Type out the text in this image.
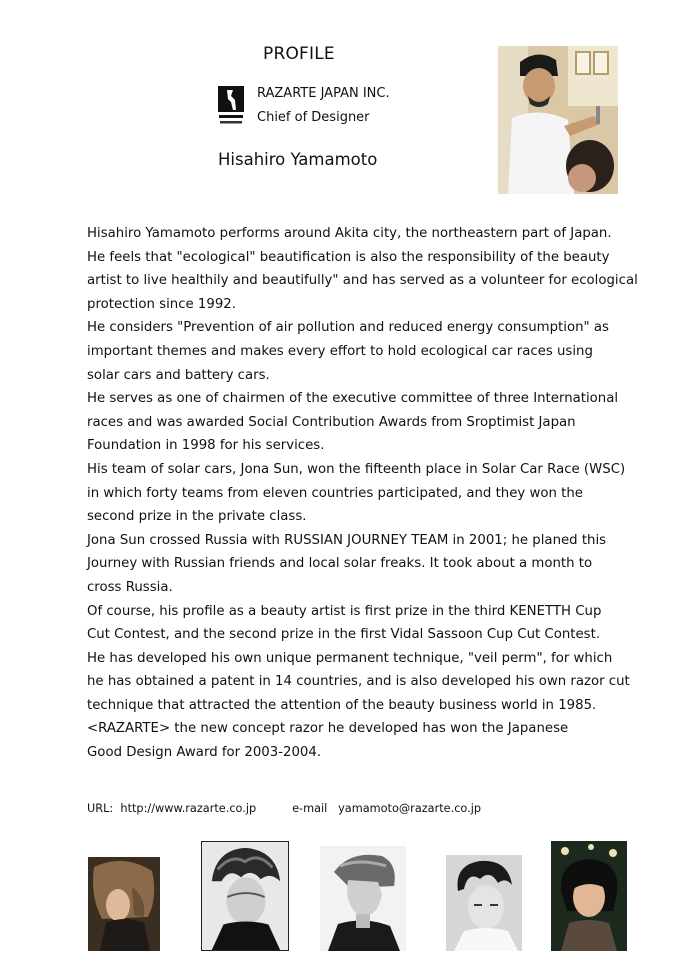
PROFILE
RAZARTE JAPAN INC.
Chief of Designer
Hisahiro Yamamoto
Hisahiro Yamamoto performs around Akita city, the northeastern part of Japan.
He feels that "ecological" beautification is also the responsibility of the beauty
artist to live healthily and beautifully" and has served as a volunteer for ecological
protection since 1992.
He considers "Prevention of air pollution and reduced energy consumption" as
important themes and makes every effort to hold ecological car races using
solar cars and battery cars.
He serves as one of chairmen of the executive committee of three International
races and was awarded Social Contribution Awards from Sroptimist Japan
Foundation in 1998 for his services.
His team of solar cars, Jona Sun, won the fifteenth place in Solar Car Race (WSC)
in which forty teams from eleven countries participated, and they won the
second prize in the private class.
Jona Sun crossed Russia with RUSSIAN JOURNEY TEAM in 2001; he planed this
Journey with Russian friends and local solar freaks. It took about a month to
cross Russia.
Of course, his profile as a beauty artist is first prize in the third KENETTH Cup
Cut Contest, and the second prize in the first Vidal Sassoon Cup Cut Contest.
He has developed his own unique permanent technique, "veil perm", for which
he has obtained a patent in 14 countries, and is also developed his own razor cut
technique that attracted the attention of the beauty business world in 1985.
<RAZARTE> the new concept razor he developed has won the Japanese
Good Design Award for 2003-2004.
URL: http://www.razarte.co.jp	e-mail yamamoto@razarte.co.jp
